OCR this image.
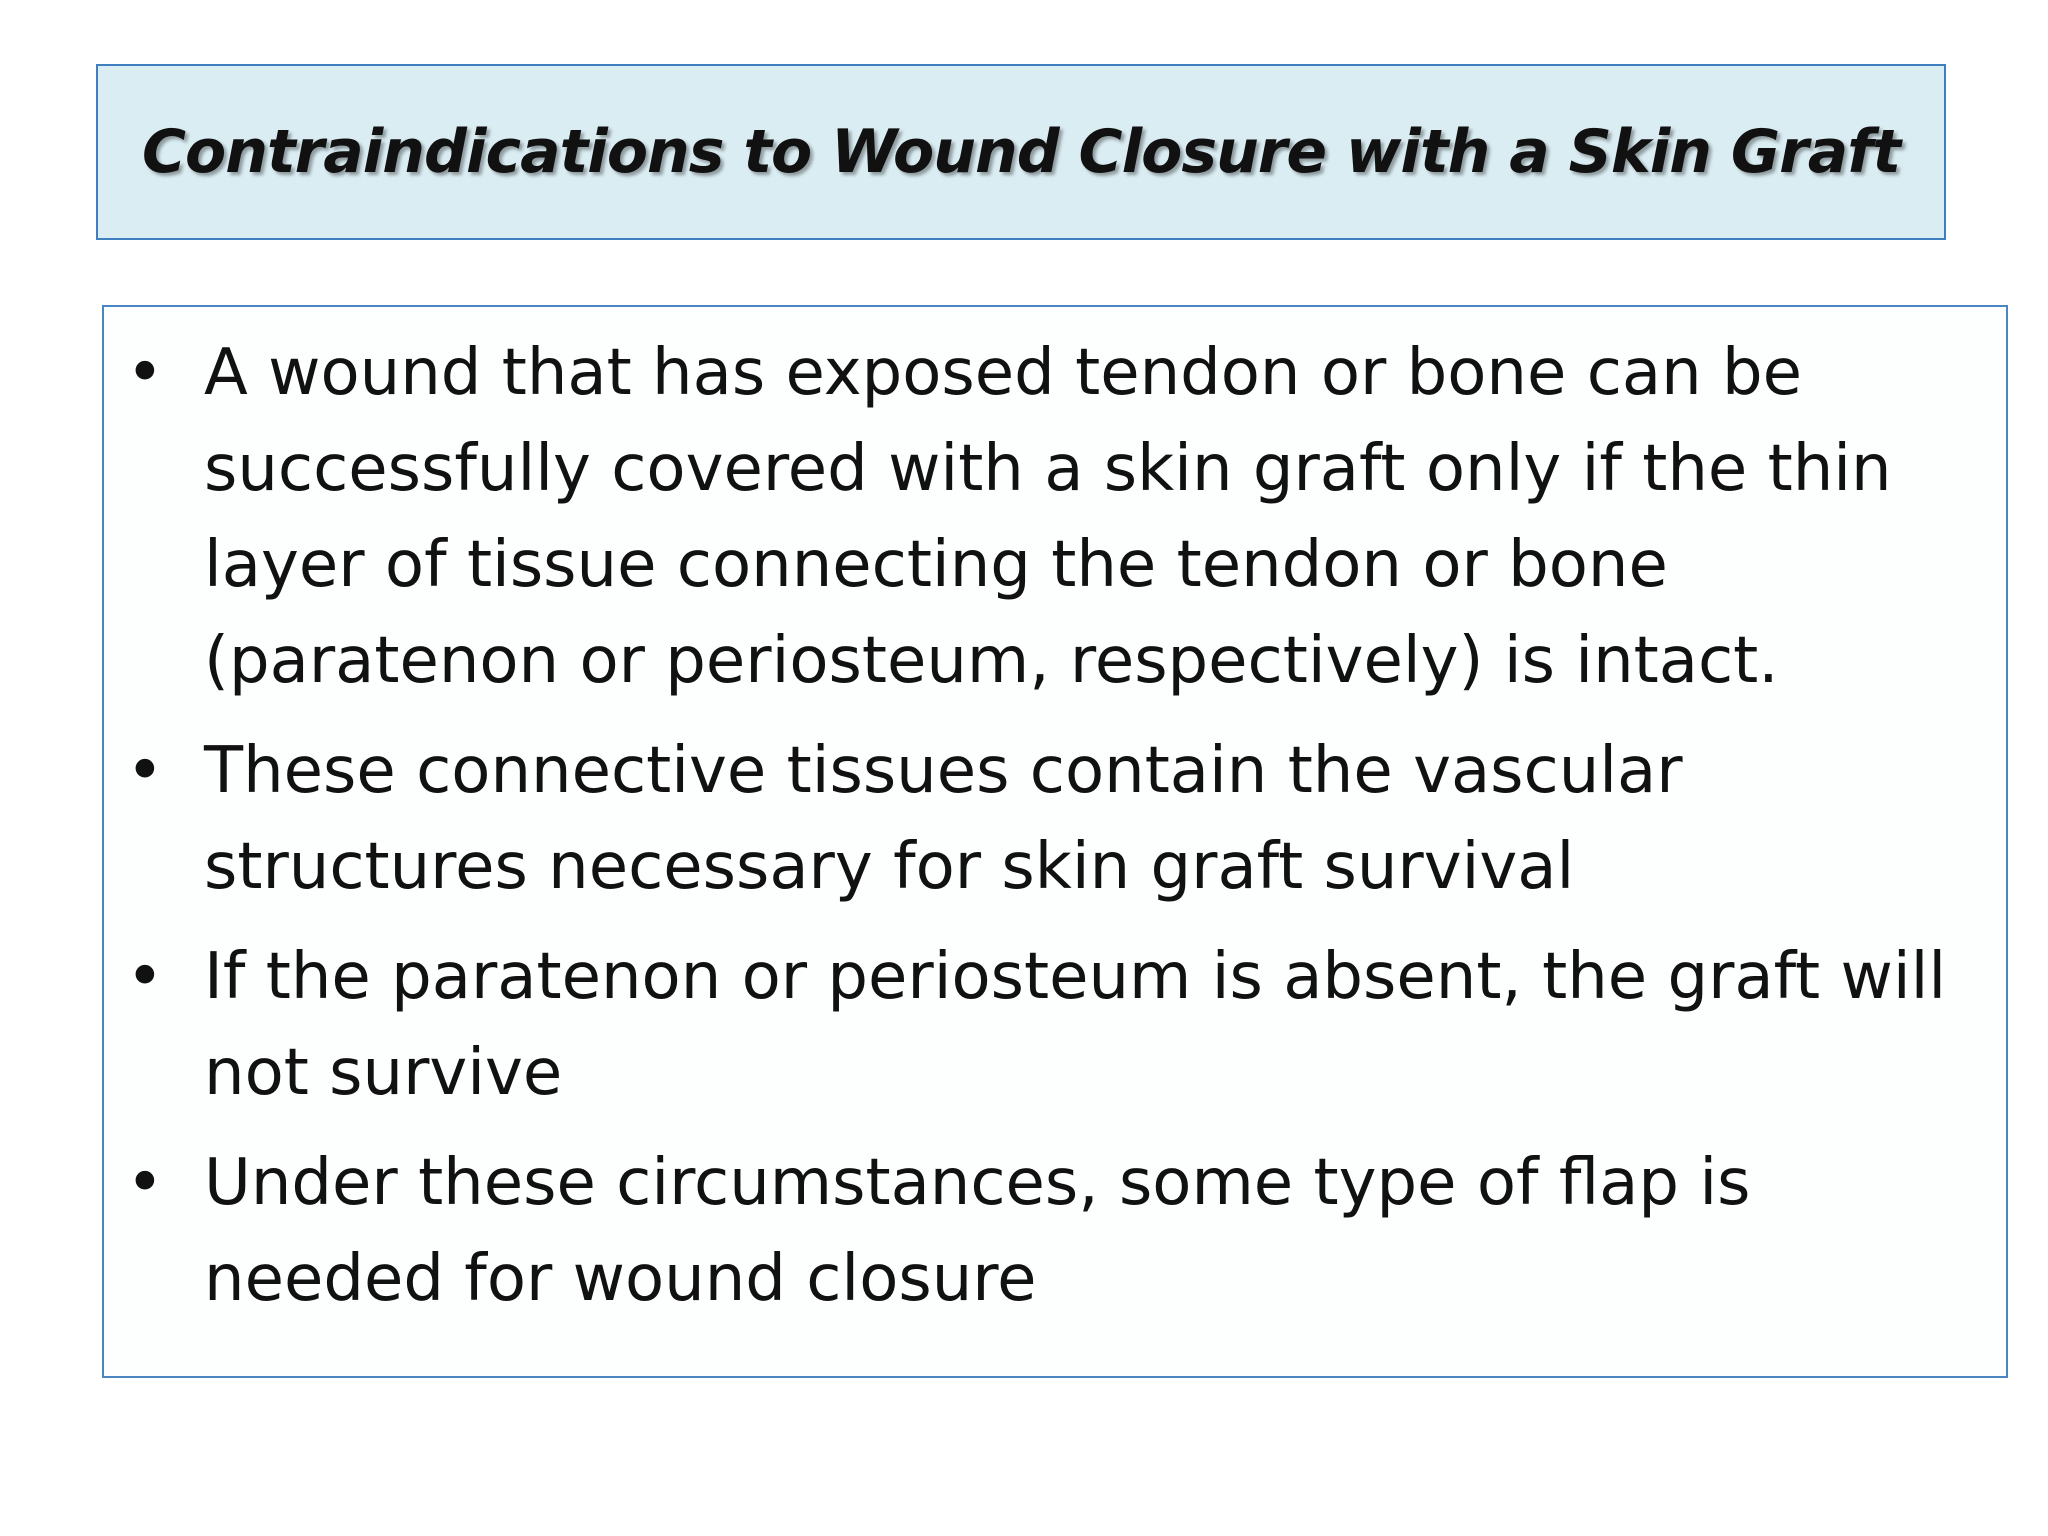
Contraindications to Wound Closure with a Skin Graft
• A wound that has exposed tendon or bone can be successfully covered with a skin graft only if the thin layer of tissue connecting the tendon or bone (paratenon or periosteum, respectively) is intact.

• These connective tissues contain the vascular structures necessary for skin graft survival

• If the paratenon or periosteum is absent, the graft will not survive

• Under these circumstances, some type of flap is needed for wound closure
